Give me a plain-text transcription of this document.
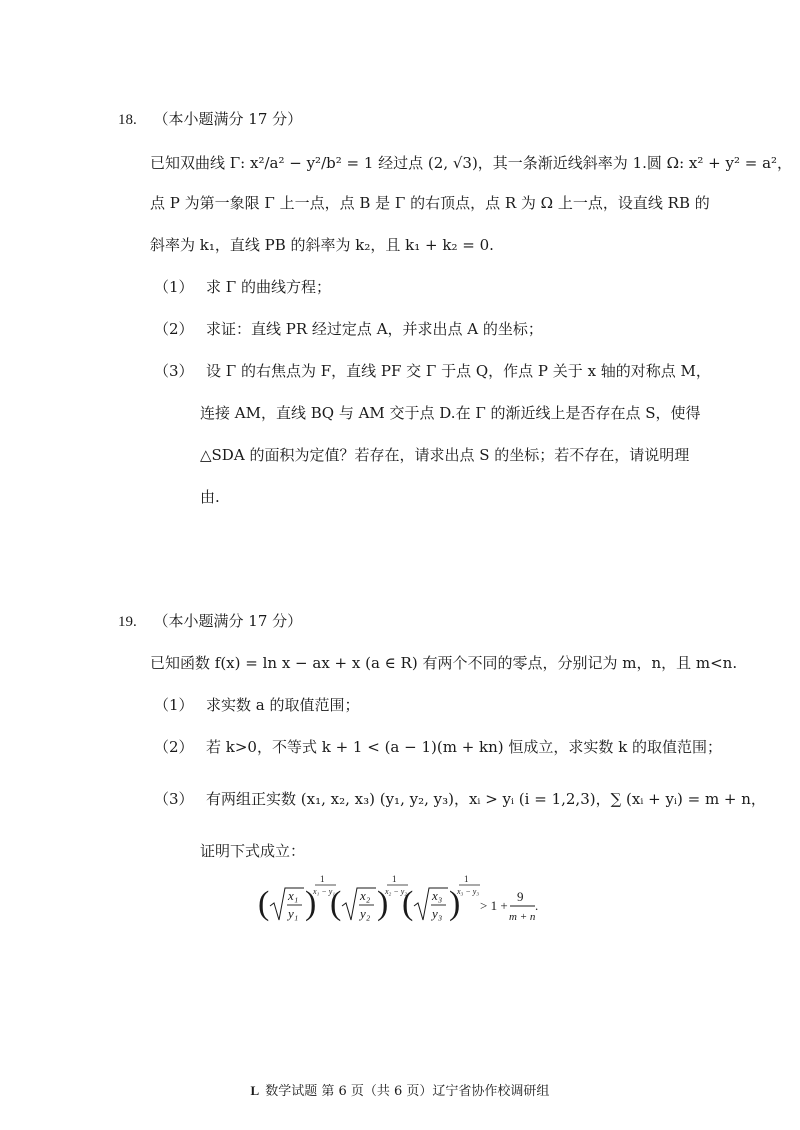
18. （本小题满分 17 分）
已知双曲线 Γ: x²/a² − y²/b² = 1 经过点 (2, √3)，其一条渐近线斜率为 1.圆 Ω: x² + y² = a²，
点 P 为第一象限 Γ 上一点，点 B 是 Γ 的右顶点，点 R 为 Ω 上一点，设直线 RB 的
斜率为 k₁，直线 PB 的斜率为 k₂，且 k₁ + k₂ = 0.
（1） 求 Γ 的曲线方程；
（2） 求证：直线 PR 经过定点 A，并求出点 A 的坐标；
（3） 设 Γ 的右焦点为 F，直线 PF 交 Γ 于点 Q，作点 P 关于 x 轴的对称点 M，
连接 AM，直线 BQ 与 AM 交于点 D.在 Γ 的渐近线上是否存在点 S，使得
△SDA 的面积为定值？若存在，请求出点 S 的坐标；若不存在，请说明理
由.
19. （本小题满分 17 分）
已知函数 f(x) = ln x − ax + x (a ∈ R) 有两个不同的零点，分别记为 m，n，且 m<n.
（1） 求实数 a 的取值范围；
（2） 若 k>0，不等式 k + 1 < (a − 1)(m + kn) 恒成立，求实数 k 的取值范围；
（3） 有两组正实数 (x₁, x₂, x₃) (y₁, y₂, y₃)，xᵢ > yᵢ (i = 1,2,3)，∑ (xᵢ + yᵢ) = m + n，
证明下式成立：
( x₁
y₁ )
1
x₁ − y₁
( x₂
y₂ )
1
x₂ − y₂
( x₃
y₃ )
1
x₃ − y₃
> 1 +
9
m + n
.
L 数学试题 第 6 页（共 6 页）辽宁省协作校调研组
